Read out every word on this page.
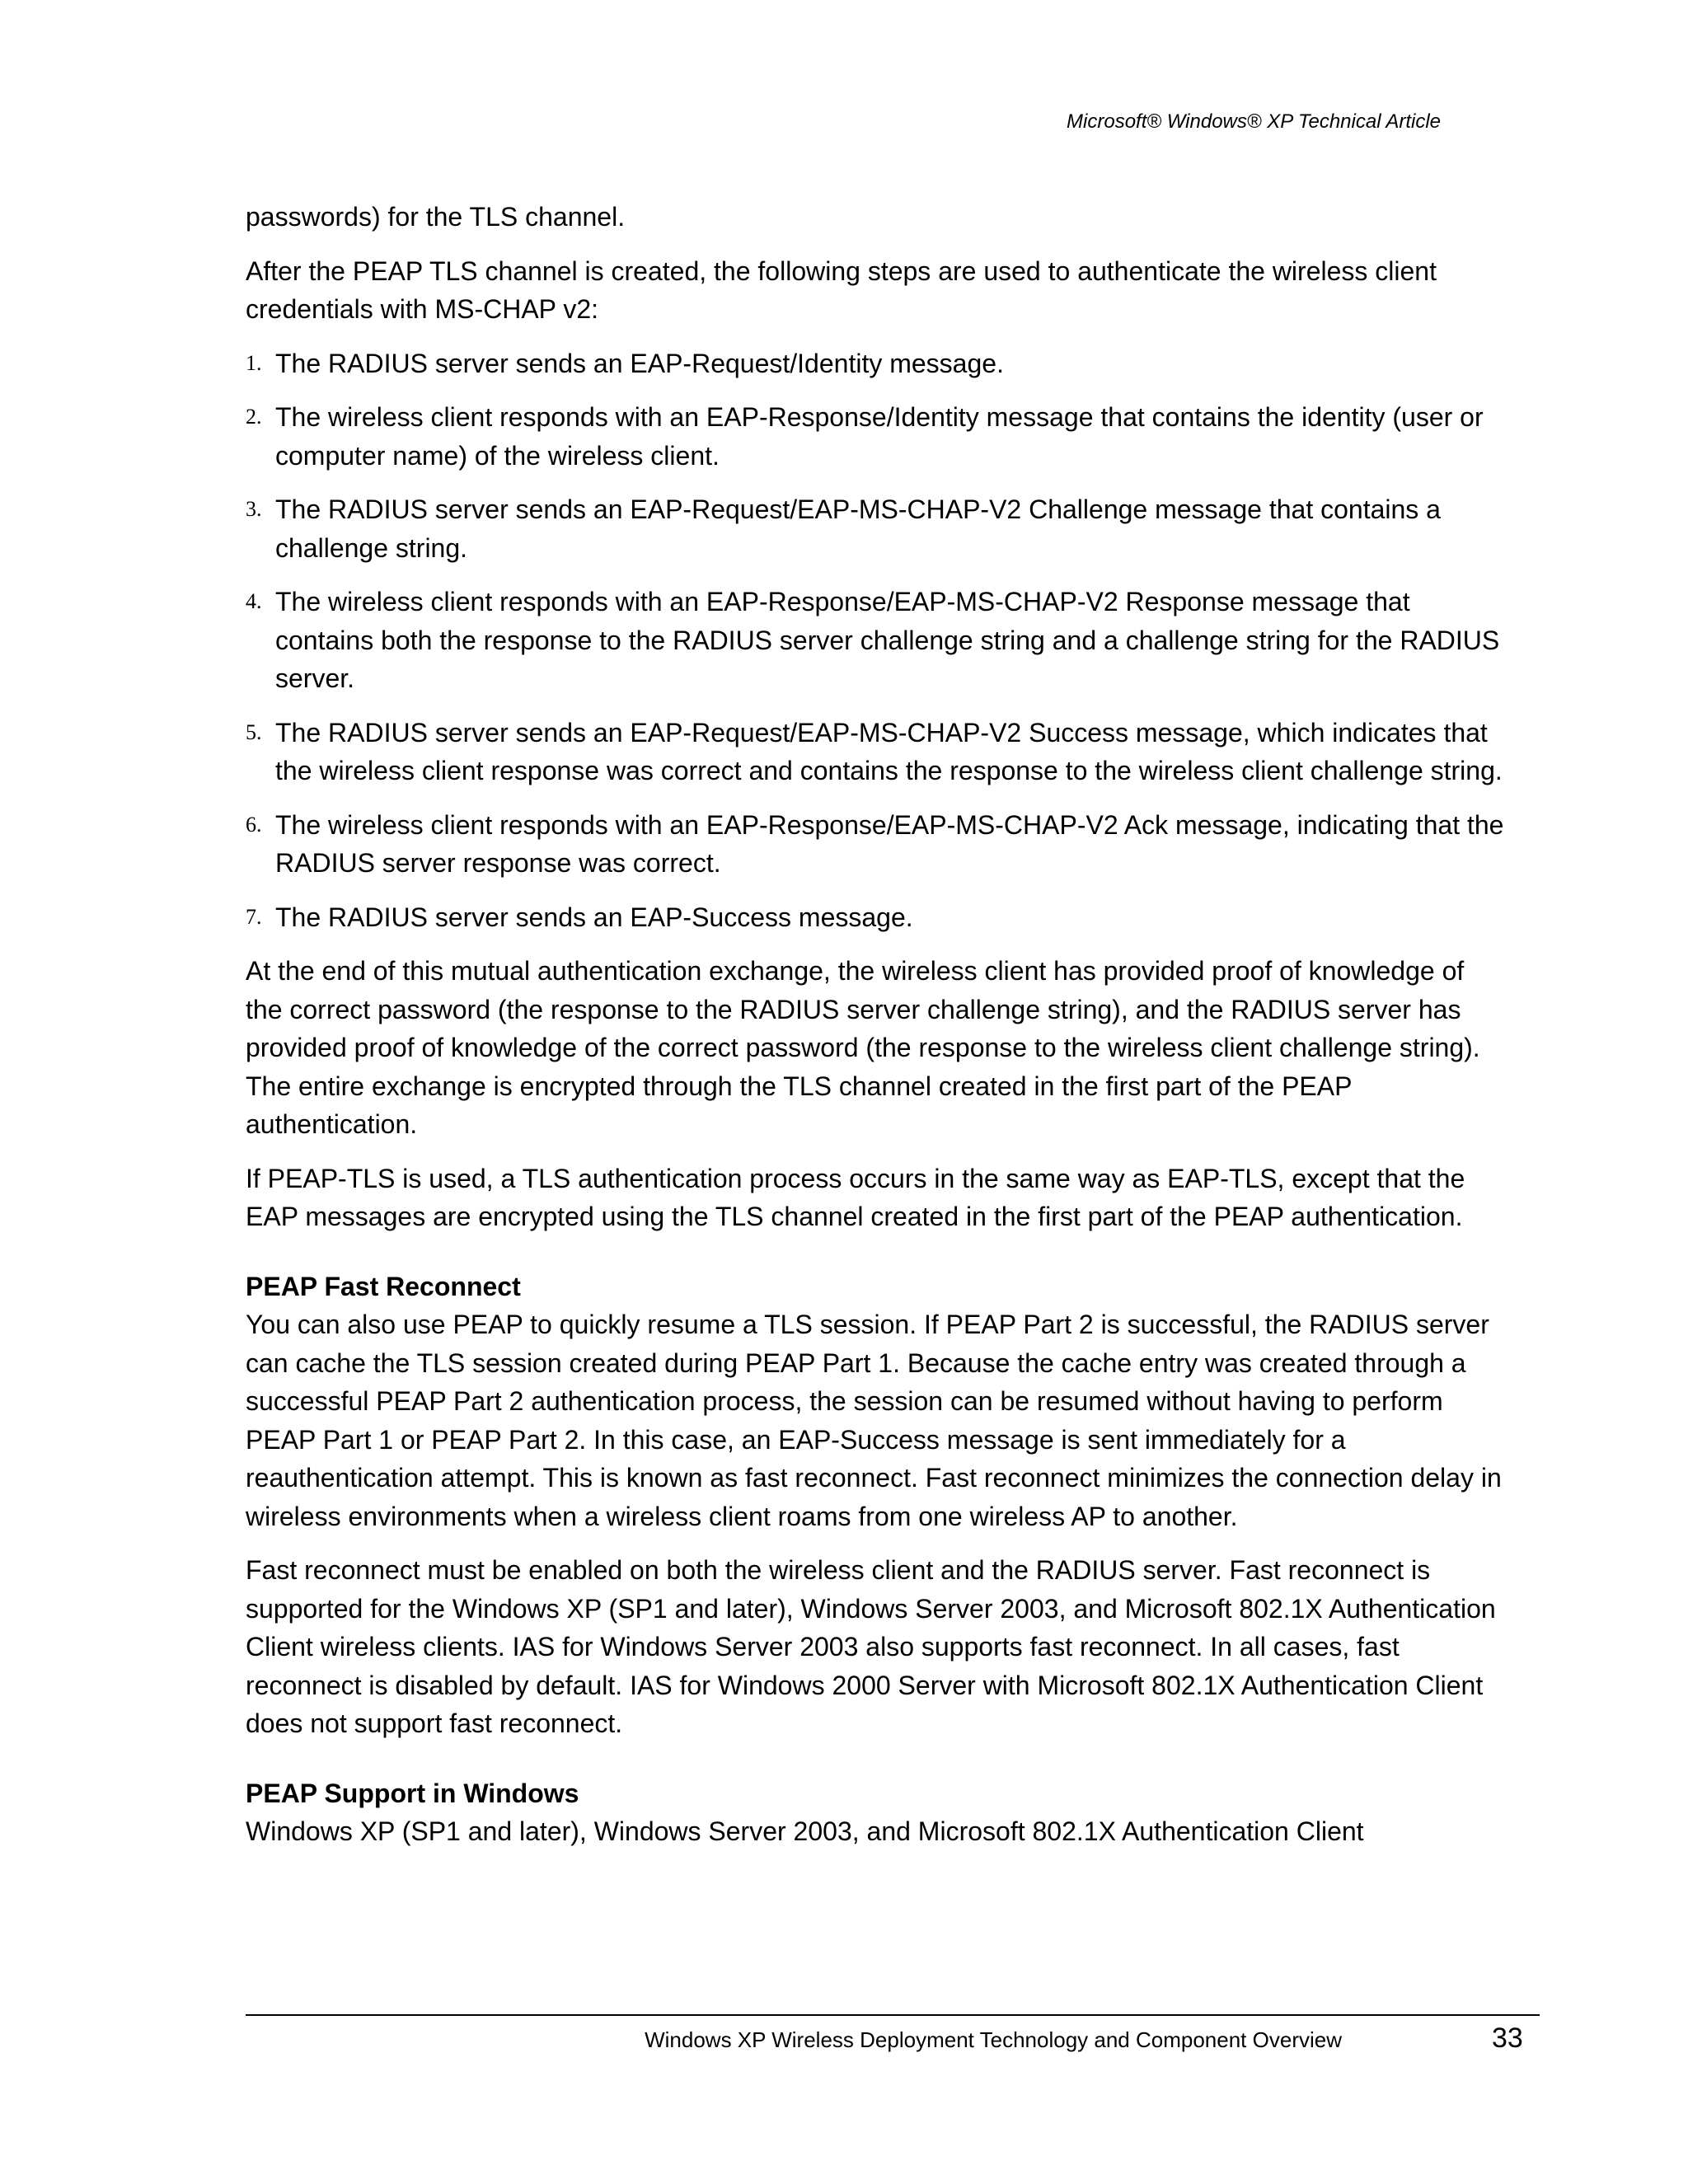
Microsoft® Windows® XP Technical Article

passwords) for the TLS channel.

After the PEAP TLS channel is created, the following steps are used to authenticate the wireless client credentials with MS-CHAP v2:

1. The RADIUS server sends an EAP-Request/Identity message.
2. The wireless client responds with an EAP-Response/Identity message that contains the identity (user or computer name) of the wireless client.
3. The RADIUS server sends an EAP-Request/EAP-MS-CHAP-V2 Challenge message that contains a challenge string.
4. The wireless client responds with an EAP-Response/EAP-MS-CHAP-V2 Response message that contains both the response to the RADIUS server challenge string and a challenge string for the RADIUS server.
5. The RADIUS server sends an EAP-Request/EAP-MS-CHAP-V2 Success message, which indicates that the wireless client response was correct and contains the response to the wireless client challenge string.
6. The wireless client responds with an EAP-Response/EAP-MS-CHAP-V2 Ack message, indicating that the RADIUS server response was correct.
7. The RADIUS server sends an EAP-Success message.

At the end of this mutual authentication exchange, the wireless client has provided proof of knowledge of the correct password (the response to the RADIUS server challenge string), and the RADIUS server has provided proof of knowledge of the correct password (the response to the wireless client challenge string). The entire exchange is encrypted through the TLS channel created in the first part of the PEAP authentication.

If PEAP-TLS is used, a TLS authentication process occurs in the same way as EAP-TLS, except that the EAP messages are encrypted using the TLS channel created in the first part of the PEAP authentication.

PEAP Fast Reconnect

You can also use PEAP to quickly resume a TLS session. If PEAP Part 2 is successful, the RADIUS server can cache the TLS session created during PEAP Part 1. Because the cache entry was created through a successful PEAP Part 2 authentication process, the session can be resumed without having to perform PEAP Part 1 or PEAP Part 2. In this case, an EAP-Success message is sent immediately for a reauthentication attempt. This is known as fast reconnect. Fast reconnect minimizes the connection delay in wireless environments when a wireless client roams from one wireless AP to another.

Fast reconnect must be enabled on both the wireless client and the RADIUS server. Fast reconnect is supported for the Windows XP (SP1 and later), Windows Server 2003, and Microsoft 802.1X Authentication Client wireless clients. IAS for Windows Server 2003 also supports fast reconnect. In all cases, fast reconnect is disabled by default. IAS for Windows 2000 Server with Microsoft 802.1X Authentication Client does not support fast reconnect.

PEAP Support in Windows

Windows XP (SP1 and later), Windows Server 2003, and Microsoft 802.1X Authentication Client

Windows XP Wireless Deployment Technology and Component Overview	33
